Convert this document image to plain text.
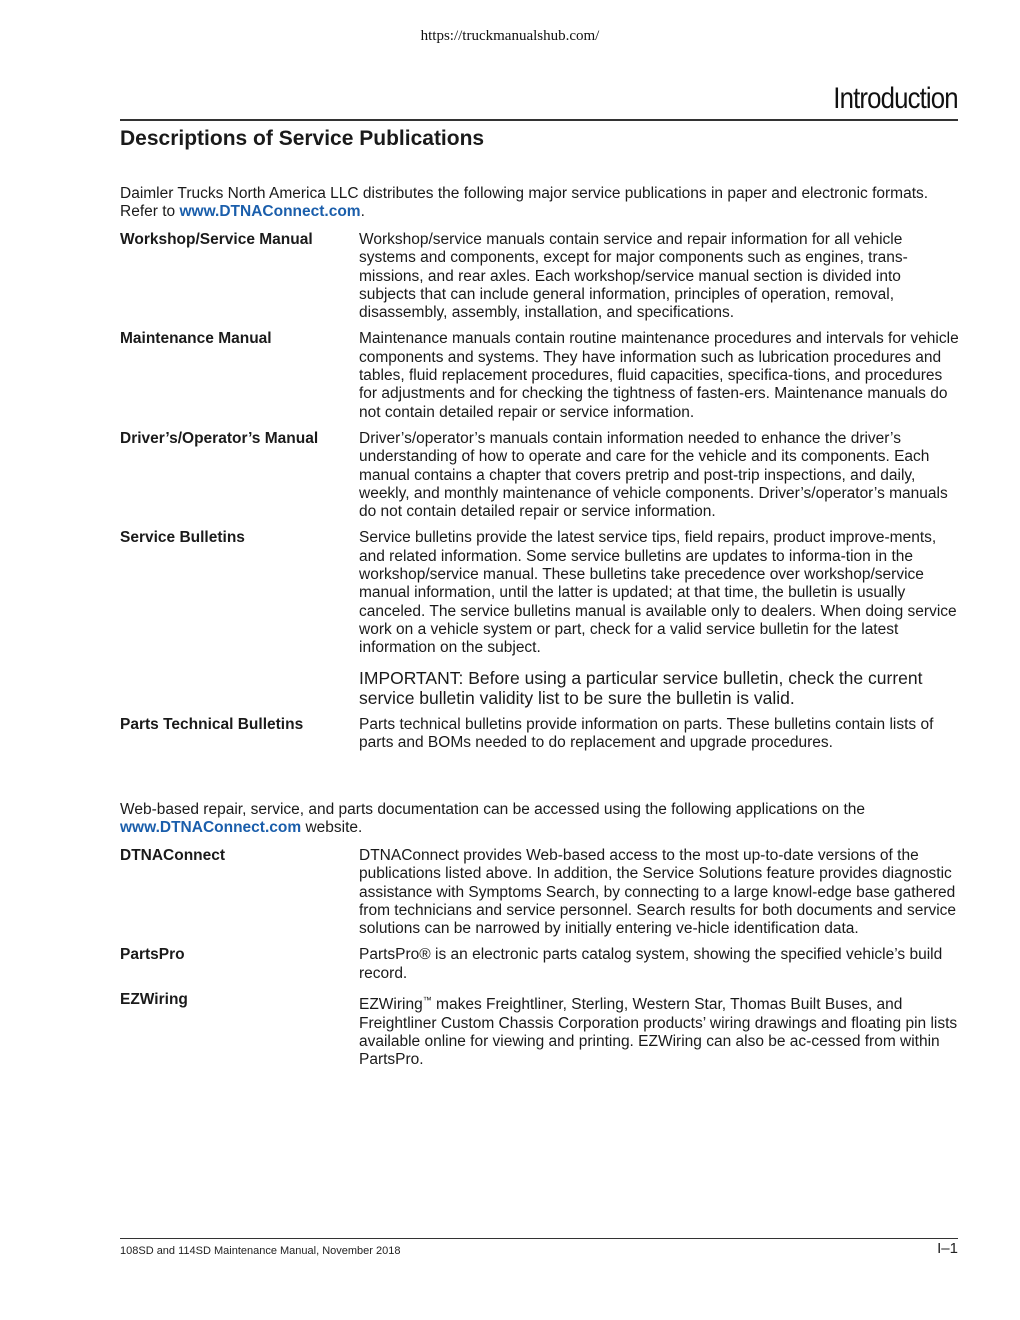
https://truckmanualshub.com/
Introduction
Descriptions of Service Publications
Daimler Trucks North America LLC distributes the following major service publications in paper and electronic formats. Refer to www.DTNAConnect.com.
Workshop/Service Manual	Workshop/service manuals contain service and repair information for all vehicle systems and components, except for major components such as engines, trans-missions, and rear axles. Each workshop/service manual section is divided into subjects that can include general information, principles of operation, removal, disassembly, assembly, installation, and specifications.
Maintenance Manual	Maintenance manuals contain routine maintenance procedures and intervals for vehicle components and systems. They have information such as lubrication procedures and tables, fluid replacement procedures, fluid capacities, specifica-tions, and procedures for adjustments and for checking the tightness of fasten-ers. Maintenance manuals do not contain detailed repair or service information.
Driver’s/Operator’s Manual	Driver’s/operator’s manuals contain information needed to enhance the driver’s understanding of how to operate and care for the vehicle and its components. Each manual contains a chapter that covers pretrip and post-trip inspections, and daily, weekly, and monthly maintenance of vehicle components. Driver’s/operator’s manuals do not contain detailed repair or service information.
Service Bulletins	Service bulletins provide the latest service tips, field repairs, product improve-ments, and related information. Some service bulletins are updates to informa-tion in the workshop/service manual. These bulletins take precedence over workshop/service manual information, until the latter is updated; at that time, the bulletin is usually canceled. The service bulletins manual is available only to dealers. When doing service work on a vehicle system or part, check for a valid service bulletin for the latest information on the subject.
IMPORTANT: Before using a particular service bulletin, check the current service bulletin validity list to be sure the bulletin is valid.
Parts Technical Bulletins	Parts technical bulletins provide information on parts. These bulletins contain lists of parts and BOMs needed to do replacement and upgrade procedures.
Web-based repair, service, and parts documentation can be accessed using the following applications on the www.DTNAConnect.com website.
DTNAConnect	DTNAConnect provides Web-based access to the most up-to-date versions of the publications listed above. In addition, the Service Solutions feature provides diagnostic assistance with Symptoms Search, by connecting to a large knowl-edge base gathered from technicians and service personnel. Search results for both documents and service solutions can be narrowed by initially entering ve-hicle identification data.
PartsPro	PartsPro® is an electronic parts catalog system, showing the specified vehicle’s build record.
EZWiring	EZWiring™ makes Freightliner, Sterling, Western Star, Thomas Built Buses, and Freightliner Custom Chassis Corporation products’ wiring drawings and floating pin lists available online for viewing and printing. EZWiring can also be ac-cessed from within PartsPro.
108SD and 114SD Maintenance Manual, November 2018	I–1
